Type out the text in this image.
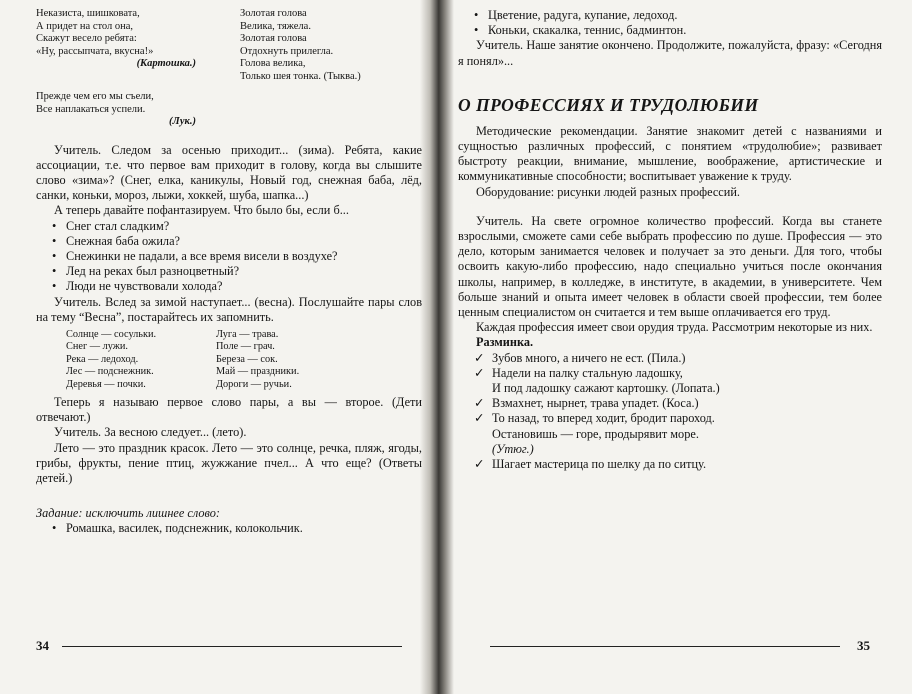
Неказиста, шишковата,
А придет на стол она,
Скажут весело ребята:
«Ну, рассыпчата, вкусна!»
(Картошка.)
Золотая голова
Велика, тяжела.
Золотая голова
Отдохнуть прилегла.
Голова велика,
Только шея тонка. (Тыква.)
Прежде чем его мы съели,
Все наплакаться успели.
(Лук.)

Учитель. Следом за осенью приходит... (зима). Ребята, какие ассоциации, т.е. что первое вам приходит в голову, когда вы слышите слово «зима»? (Снег, елка, каникулы, Новый год, снежная баба, лёд, санки, коньки, мороз, лыжи, хоккей, шуба, шапка...)

А теперь давайте пофантазируем. Что было бы, если б...

• Снег стал сладким?
• Снежная баба ожила?
• Снежинки не падали, а все время висели в воздухе?
• Лед на реках был разноцветный?
• Люди не чувствовали холода?

Учитель. Вслед за зимой наступает... (весна). Послушайте пары слов на тему “Весна”, постарайтесь их запомнить.

Солнце — сосульки.	Луга — трава.
Снег — лужи.	Поле — грач.
Река — ледоход.	Береза — сок.
Лес — подснежник.	Май — праздники.
Деревья — почки.	Дороги — ручьи.

Теперь я называю первое слово пары, а вы — второе. (Дети отвечают.)

Учитель. За весною следует... (лето).

Лето — это праздник красок. Лето — это солнце, речка, пляж, ягоды, грибы, фрукты, пение птиц, жужжание пчел... А что еще? (Ответы детей.)

Задание: исключить лишнее слово:
• Ромашка, василек, подснежник, колокольчик.
34
• Цветение, радуга, купание, ледоход.
• Коньки, скакалка, теннис, бадминтон.

Учитель. Наше занятие окончено. Продолжите, пожалуйста, фразу: «Сегодня я понял»...

О ПРОФЕССИЯХ И ТРУДОЛЮБИИ

Методические рекомендации. Занятие знакомит детей с названиями и сущностью различных профессий, с понятием «трудолюбие»; развивает быстроту реакции, внимание, мышление, воображение, артистические и коммуникативные способности; воспитывает уважение к труду.

Оборудование: рисунки людей разных профессий.

Учитель. На свете огромное количество профессий. Когда вы станете взрослыми, сможете сами себе выбрать профессию по душе. Профессия — это дело, которым занимается человек и получает за это деньги. Для того, чтобы освоить какую-либо профессию, надо специально учиться после окончания школы, например, в колледже, в институте, в академии, в университете. Чем больше знаний и опыта имеет человек в области своей профессии, тем более ценным специалистом он считается и тем выше оплачивается его труд.

Каждая профессия имеет свои орудия труда. Рассмотрим некоторые из них.

Разминка.

✓ Зубов много, а ничего не ест. (Пила.)
✓ Надели на палку стальную ладошку,
И под ладошку сажают картошку. (Лопата.)
✓ Взмахнет, нырнет, трава упадет. (Коса.)
✓ То назад, то вперед ходит, бродит пароход.
Остановишь — горе, продырявит море.
(Утюг.)
✓ Шагает мастерица по шелку да по ситцу.
35
